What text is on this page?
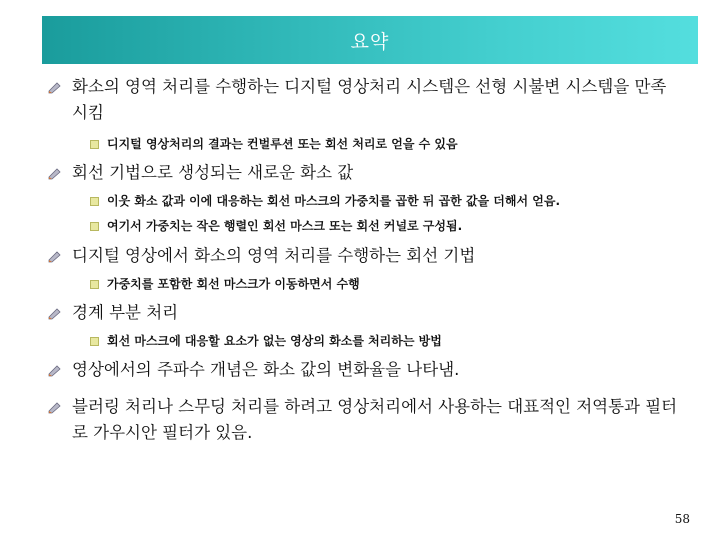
요약
화소의 영역 처리를 수행하는 디지털 영상처리 시스템은 선형 시불변 시스템을 만족시킴
디지털 영상처리의 결과는 컨벌루션 또는 회선 처리로 얻을 수 있음
회선 기법으로 생성되는 새로운 화소 값
이웃 화소 값과 이에 대응하는 회선 마스크의 가중치를 곱한 뒤 곱한 값을 더해서 얻음.
여기서 가중치는 작은 행렬인 회선 마스크 또는 회선 커널로 구성됨.
디지털 영상에서 화소의 영역 처리를 수행하는 회선 기법
가중치를 포함한 회선 마스크가 이동하면서 수행
경계 부분 처리
회선 마스크에 대응할 요소가 없는 영상의 화소를 처리하는 방법
영상에서의 주파수 개념은 화소 값의 변화율을 나타냄.
블러링 처리나 스무딩 처리를 하려고 영상처리에서 사용하는 대표적인 저역통과 필터로 가우시안 필터가 있음.
58
